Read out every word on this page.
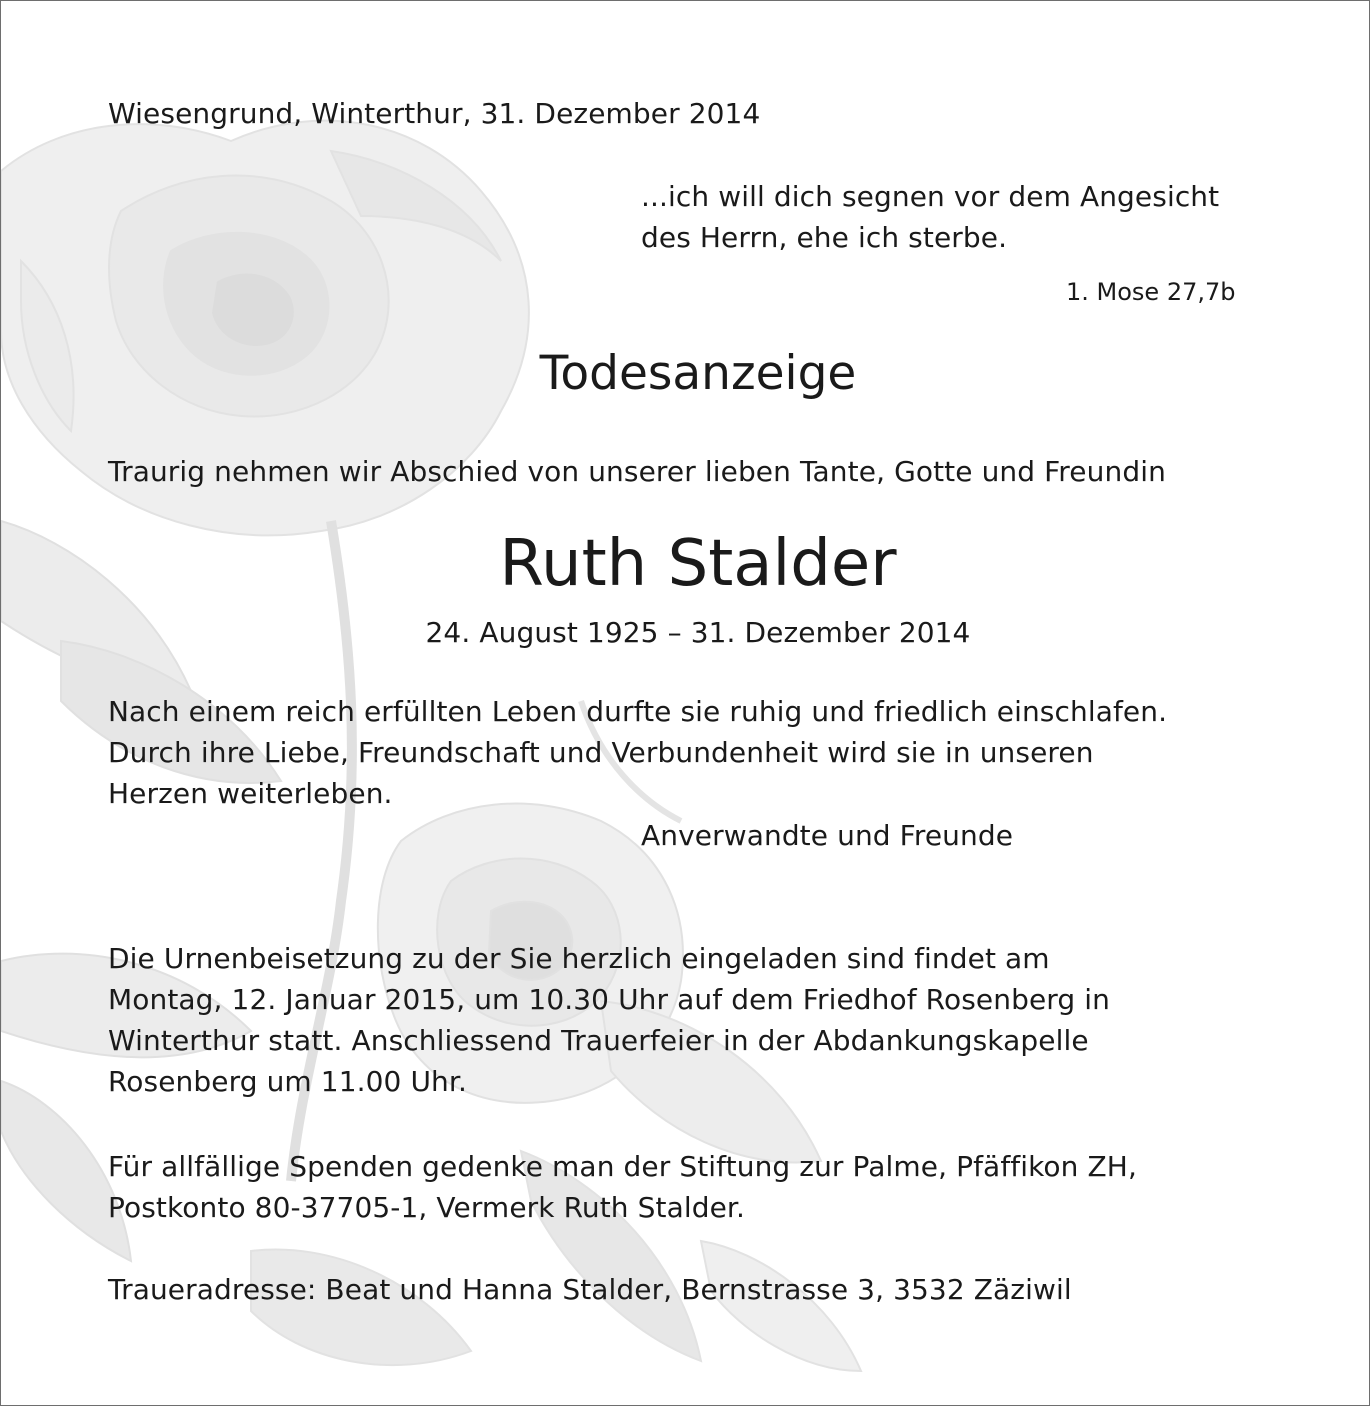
Wiesengrund, Winterthur, 31. Dezember 2014

...ich will dich segnen vor dem Angesicht
des Herrn, ehe ich sterbe.

1. Mose 27,7b

Todesanzeige

Traurig nehmen wir Abschied von unserer lieben Tante, Gotte und Freundin

Ruth Stalder

24. August 1925 – 31. Dezember 2014

Nach einem reich erfüllten Leben durfte sie ruhig und friedlich einschlafen.
Durch ihre Liebe, Freundschaft und Verbundenheit wird sie in unseren
Herzen weiterleben.

Anverwandte und Freunde

Die Urnenbeisetzung zu der Sie herzlich eingeladen sind findet am
Montag, 12. Januar 2015, um 10.30 Uhr auf dem Friedhof Rosenberg in
Winterthur statt. Anschliessend Trauerfeier in der Abdankungskapelle
Rosenberg um 11.00 Uhr.

Für allfällige Spenden gedenke man der Stiftung zur Palme, Pfäffikon ZH,
Postkonto 80-37705-1, Vermerk Ruth Stalder.

Traueradresse: Beat und Hanna Stalder, Bernstrasse 3, 3532 Zäziwil
